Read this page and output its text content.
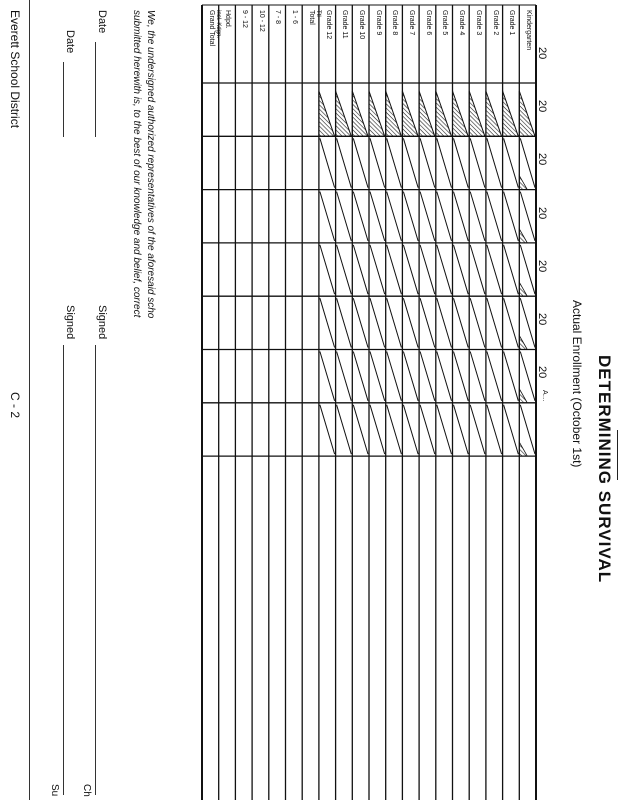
DETERMINING SURVIVAL
Actual Enrollment (October 1st)
20
20
20
20
20
20
20
A…
Kindergarten
Grade 1
Grade 2
Grade 3
Grade 4
Grade 5
Grade 6
Grade 7
Grade 8
Grade 9
Grade 10
Grade 11
Grade 12
Total
1 - 6
7 - 8
10 - 12
9 - 12
Hdpd.
Grand Total	Ttl
incl. Kdgn.
We, the undersigned authorized representatives of the aforesaid scho
submitted herewith is, to the best of our knowledge and belief, correct
Date
Signed
Ch
Date
Signed
Su
Everett School District
C - 2
